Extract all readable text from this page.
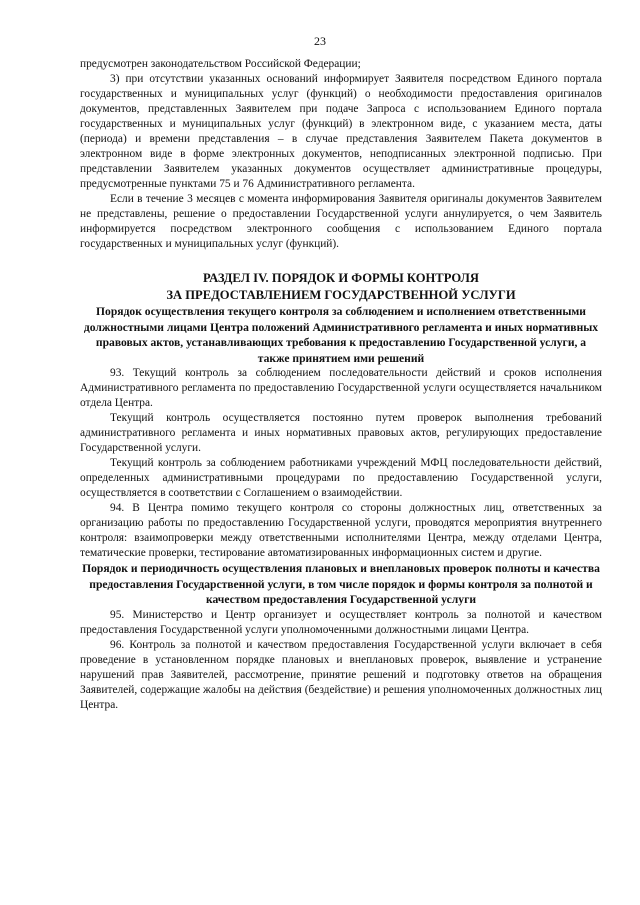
23

предусмотрен законодательством Российской Федерации;

3) при отсутствии указанных оснований информирует Заявителя посредством Единого портала государственных и муниципальных услуг (функций) о необходимости предоставления оригиналов документов, представленных Заявителем при подаче Запроса с использованием Единого портала государственных и муниципальных услуг (функций) в электронном виде, с указанием места, даты (периода) и времени представления – в случае представления Заявителем Пакета документов в электронном виде в форме электронных документов, неподписанных электронной подписью. При представлении Заявителем указанных документов осуществляет административные процедуры, предусмотренные пунктами 75 и 76 Административного регламента.

Если в течение 3 месяцев с момента информирования Заявителя оригиналы документов Заявителем не представлены, решение о предоставлении Государственной услуги аннулируется, о чем Заявитель информируется посредством электронного сообщения с использованием Единого портала государственных и муниципальных услуг (функций).

РАЗДЕЛ IV. ПОРЯДОК И ФОРМЫ КОНТРОЛЯ
ЗА ПРЕДОСТАВЛЕНИЕМ ГОСУДАРСТВЕННОЙ УСЛУГИ

Порядок осуществления текущего контроля за соблюдением и исполнением ответственными должностными лицами Центра положений Административного регламента и иных нормативных правовых актов, устанавливающих требования к предоставлению Государственной услуги, а также принятием ими решений

93. Текущий контроль за соблюдением последовательности действий и сроков исполнения Административного регламента по предоставлению Государственной услуги осуществляется начальником отдела Центра.

Текущий контроль осуществляется постоянно путем проверок выполнения требований административного регламента и иных нормативных правовых актов, регулирующих предоставление Государственной услуги.

Текущий контроль за соблюдением работниками учреждений МФЦ последовательности действий, определенных административными процедурами по предоставлению Государственной услуги, осуществляется в соответствии с Соглашением о взаимодействии.

94. В Центра помимо текущего контроля со стороны должностных лиц, ответственных за организацию работы по предоставлению Государственной услуги, проводятся мероприятия внутреннего контроля: взаимопроверки между ответственными исполнителями Центра, между отделами Центра, тематические проверки, тестирование автоматизированных информационных систем и другие.

Порядок и периодичность осуществления плановых и внеплановых проверок полноты и качества предоставления Государственной услуги, в том числе порядок и формы контроля за полнотой и качеством предоставления Государственной услуги

95. Министерство и Центр организует и осуществляет контроль за полнотой и качеством предоставления Государственной услуги уполномоченными должностными лицами Центра.

96. Контроль за полнотой и качеством предоставления Государственной услуги включает в себя проведение в установленном порядке плановых и внеплановых проверок, выявление и устранение нарушений прав Заявителей, рассмотрение, принятие решений и подготовку ответов на обращения Заявителей, содержащие жалобы на действия (бездействие) и решения уполномоченных должностных лиц Центра.
